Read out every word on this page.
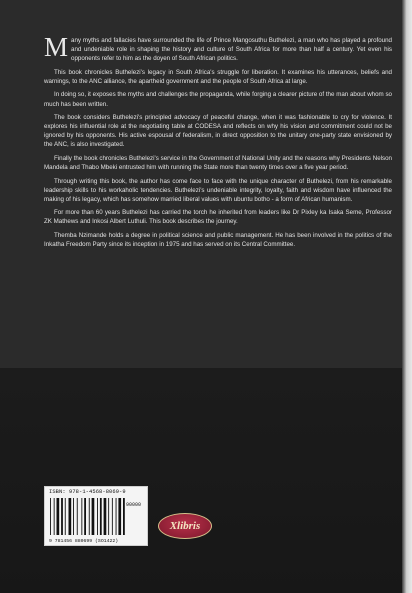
Many myths and fallacies have surrounded the life of Prince Mangosuthu Buthelezi, a man who has played a profound and undeniable role in shaping the history and culture of South Africa for more than half a century. Yet even his opponents refer to him as the doyen of South African politics.

This book chronicles Buthelezi's legacy in South Africa's struggle for liberation. It examines his utterances, beliefs and warnings, to the ANC alliance, the apartheid government and the people of South Africa at large.

In doing so, it exposes the myths and challenges the propaganda, while forging a clearer picture of the man about whom so much has been written.

The book considers Buthelezi's principled advocacy of peaceful change, when it was fashionable to cry for violence. It explores his influential role at the negotiating table at CODESA and reflects on why his vision and commitment could not be ignored by his opponents. His active espousal of federalism, in direct opposition to the unitary one-party state envisioned by the ANC, is also investigated.

Finally the book chronicles Buthelezi's service in the Government of National Unity and the reasons why Presidents Nelson Mandela and Thabo Mbeki entrusted him with running the State more than twenty times over a five year period.

Through writing this book, the author has come face to face with the unique character of Buthelezi, from his remarkable leadership skills to his workaholic tendencies. Buthelezi's undeniable integrity, loyalty, faith and wisdom have influenced the making of his legacy, which has somehow married liberal values with ubuntu botho - a form of African humanism.

For more than 60 years Buthelezi has carried the torch he inherited from leaders like Dr Pixley ka Isaka Seme, Professor ZK Mathews and Inkosi Albert Luthuli. This book describes the journey.

Themba Nzimande holds a degree in political science and public management. He has been involved in the politics of the Inkatha Freedom Party since its inception in 1975 and has served on its Central Committee.

ISBN: 978-1-4568-8069-9
90000
9 781456 880699 (SO1422)
Xlibris
